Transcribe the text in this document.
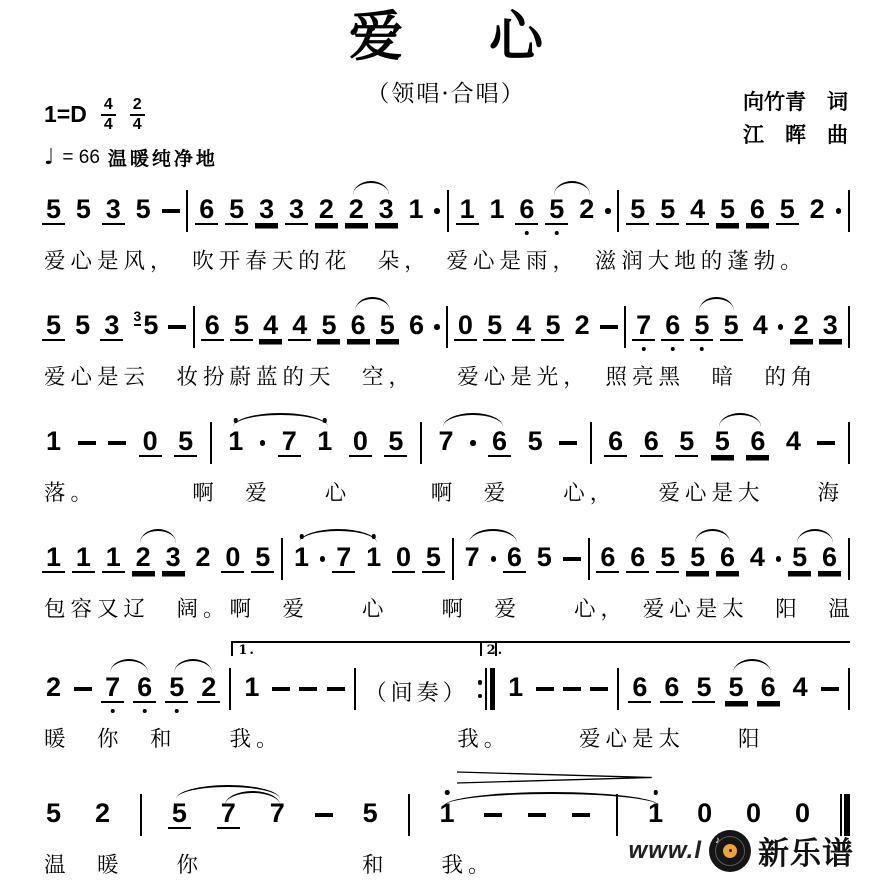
爱 心
（领唱·合唱）	向竹青　词
江　晖　曲
$1=D \frac{4}{4} \frac{2}{4}$
♩ = 66 温暖纯净地
5 5 3 5 6 5 3 3 2 2 3 1 1 1 6 5 2 5 5 4 5 6 5 2
爱心是风，　吹开春天的花　朵，　爱心是雨，　滋润大地的蓬勃。
5 5 3 35 6 5 4 4 5 6 5 6 0 5 4 5 2 7 6 5 5 4 2 3
爱心是云　妆扮蔚蓝的天　空，　　爱心是光，　照亮黑　暗　的角
1	0 5 1 7 1 0 5 7 6 5 6 6 5 5 6 4
落。　　　　啊　爱　　心　　　啊　爱　　心，　　爱心是大　　海
1 1 1 2 3 2 0 5 1 7 1 0 5 7 6 5 6 6 5 5 6 4 5 6
包容又辽　阔。啊　爱　　心　　啊　爱　　心，　爱心是太　阳　温
2 7 6 5 2 1	（间奏） 1	6 6 5 5 6 4
1.	2.
暖　你　和　　我。　　　　　　　我。　　　爱心是太　　阳
5 2 5 7 7	5 1	1 0 0 0
温　暖　　你　　　　　　和　　我。
www.l ♪ 新乐谱
